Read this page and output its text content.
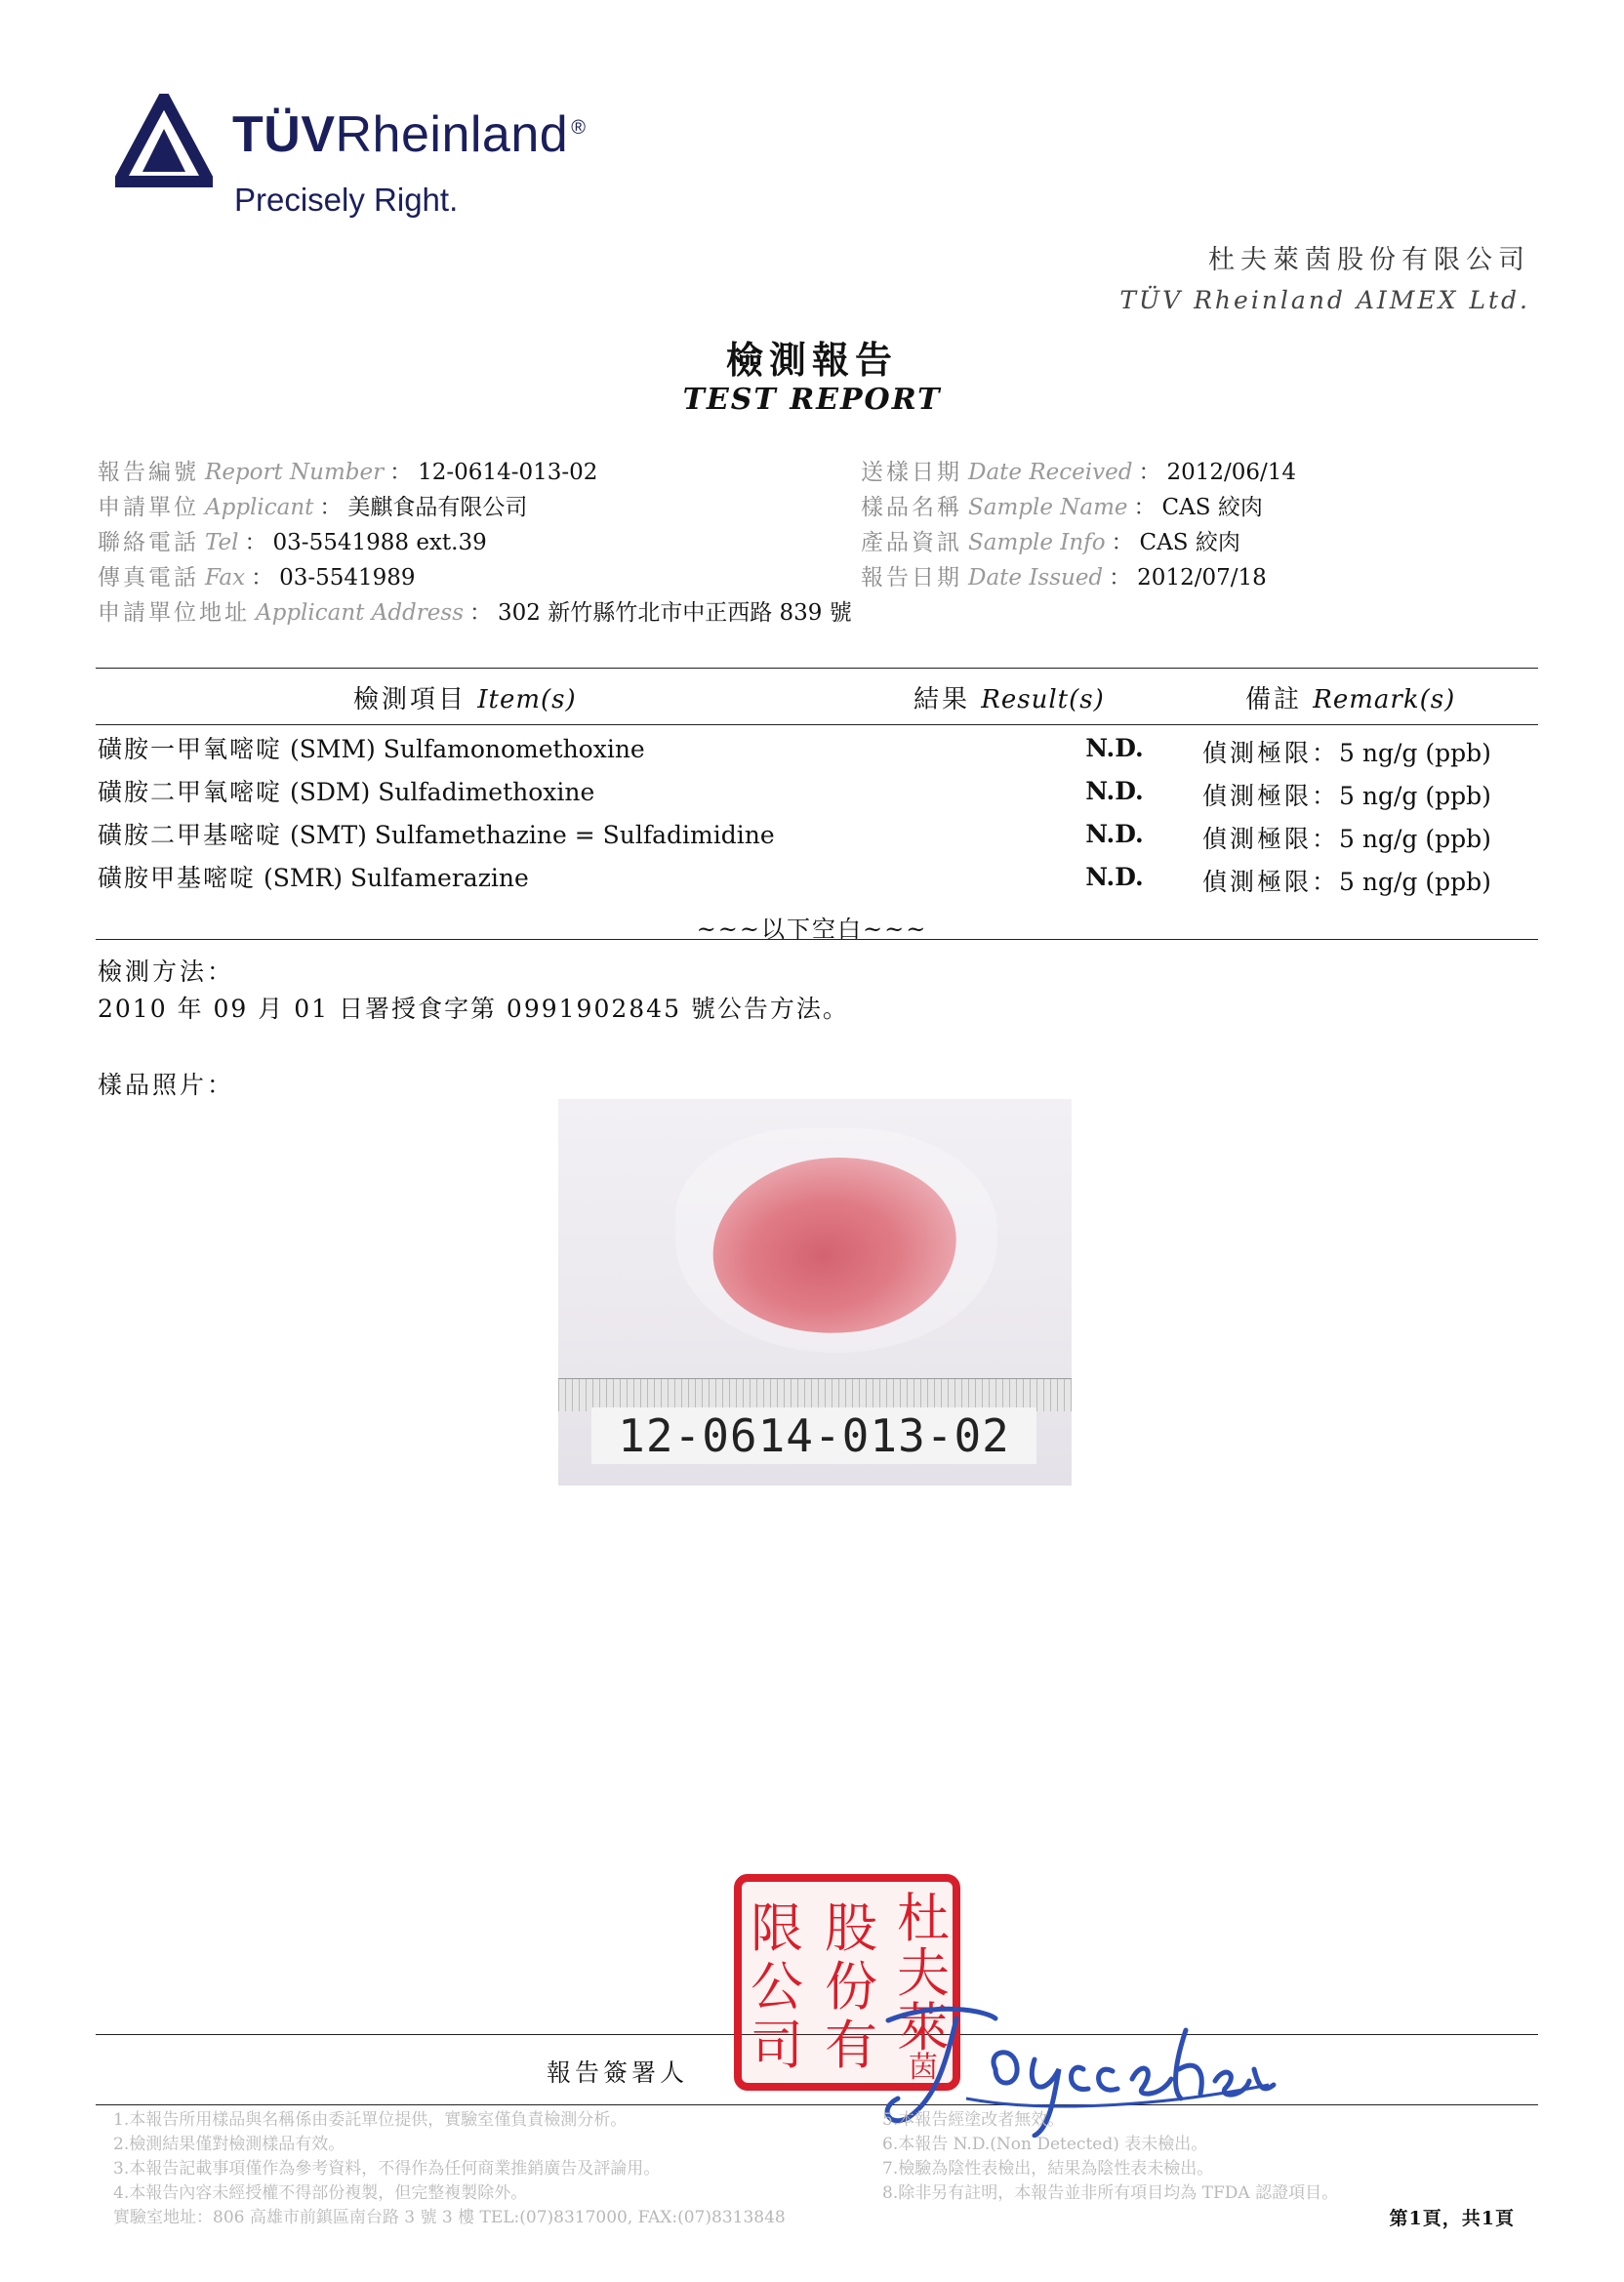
TÜVRheinland ®
Precisely Right.
杜夫萊茵股份有限公司
TÜV Rheinland AIMEX Ltd.
檢測報告
TEST REPORT
報告編號 Report Number ： 12-0614-013-02
申請單位 Applicant ： 美麒食品有限公司
聯絡電話 Tel ： 03-5541988 ext.39
傳真電話 Fax ： 03-5541989
申請單位地址 Applicant Address ： 302 新竹縣竹北市中正西路 839 號
送樣日期 Date Received ： 2012/06/14
樣品名稱 Sample Name ： CAS 絞肉
產品資訊 Sample Info ： CAS 絞肉
報告日期 Date Issued ： 2012/07/18
檢測項目 Item(s)	結果 Result(s)	備註 Remark(s)
磺胺一甲氧嘧啶 (SMM) Sulfamonomethoxine	N.D.	偵測極限：5 ng/g (ppb)
磺胺二甲氧嘧啶 (SDM) Sulfadimethoxine	N.D.	偵測極限：5 ng/g (ppb)
磺胺二甲基嘧啶 (SMT) Sulfamethazine = Sulfadimidine	N.D.	偵測極限：5 ng/g (ppb)
磺胺甲基嘧啶 (SMR) Sulfamerazine	N.D.	偵測極限：5 ng/g (ppb)
~~~以下空白~~~
檢測方法：
2010 年 09 月 01 日署授食字第 0991902845 號公告方法。
樣品照片：
12-0614-013-02
杜
夫
萊
茵
股
份
有
限
公
司
報告簽署人
1.本報告所用樣品與名稱係由委託單位提供，實驗室僅負責檢測分析。
2.檢測結果僅對檢測樣品有效。
3.本報告記載事項僅作為參考資料，不得作為任何商業推銷廣告及評論用。
4.本報告內容未經授權不得部份複製，但完整複製除外。
實驗室地址：806 高雄市前鎮區南台路 3 號 3 樓 TEL:(07)8317000, FAX:(07)8313848
5.本報告經塗改者無效。
6.本報告 N.D.(Non Detected) 表未檢出。
7.檢驗為陰性表檢出，結果為陰性表未檢出。
8.除非另有註明，本報告並非所有項目均為 TFDA 認證項目。
第1頁，共1頁
